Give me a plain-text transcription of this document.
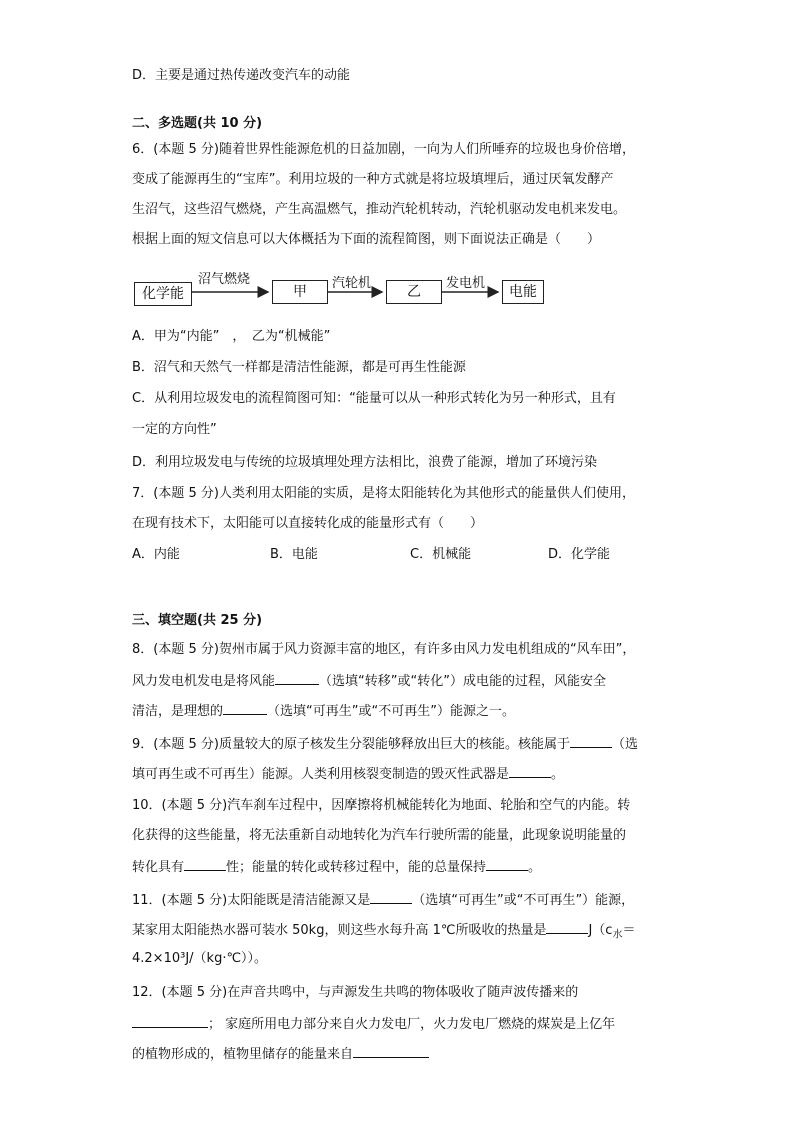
D．主要是通过热传递改变汽车的动能
二、多选题(共 10 分)
6．(本题 5 分)随着世界性能源危机的日益加剧，一向为人们所唾弃的垃圾也身价倍增，
变成了能源再生的“宝库”。利用垃圾的一种方式就是将垃圾填埋后，通过厌氧发酵产
生沼气，这些沼气燃烧，产生高温燃气，推动汽轮机转动，汽轮机驱动发电机来发电。
根据上面的短文信息可以大体概括为下面的流程简图，则下面说法正确是（　　）
化学能
沼气燃烧
甲
汽轮机
乙
发电机
电能
A．甲为“内能”　，　乙为“机械能”
B．沼气和天然气一样都是清洁性能源，都是可再生性能源
C．从利用垃圾发电的流程简图可知：“能量可以从一种形式转化为另一种形式，且有
一定的方向性”
D．利用垃圾发电与传统的垃圾填埋处理方法相比，浪费了能源，增加了环境污染
7．(本题 5 分)人类利用太阳能的实质，是将太阳能转化为其他形式的能量供人们使用，
在现有技术下，太阳能可以直接转化成的能量形式有（　　）
A．内能	B．电能	C．机械能	D．化学能
三、填空题(共 25 分)
8．(本题 5 分)贺州市属于风力资源丰富的地区，有许多由风力发电机组成的“风车田”，
风力发电机发电是将风能	（选填“转移”或“转化”）成电能的过程，风能安全
清洁，是理想的	（选填“可再生”或“不可再生”）能源之一。
9．(本题 5 分)质量较大的原子核发生分裂能够释放出巨大的核能。核能属于	（选
填可再生或不可再生）能源。人类利用核裂变制造的毁灭性武器是	。
10．(本题 5 分)汽车刹车过程中，因摩擦将机械能转化为地面、轮胎和空气的内能。转
化获得的这些能量，将无法重新自动地转化为汽车行驶所需的能量，此现象说明能量的
转化具有	性；能量的转化或转移过程中，能的总量保持	。
11．(本题 5 分)太阳能既是清洁能源又是	（选填“可再生”或“不可再生”）能源，
某家用太阳能热水器可装水 50kg，则这些水每升高 1℃所吸收的热量是	$J(c_水=$
4.2×10³J/（kg·℃））。
12．(本题 5 分)在声音共鸣中，与声源发生共鸣的物体吸收了随声波传播来的
； 家庭所用电力部分来自火力发电厂，火力发电厂燃烧的煤炭是上亿年
的植物形成的，植物里储存的能量来自
